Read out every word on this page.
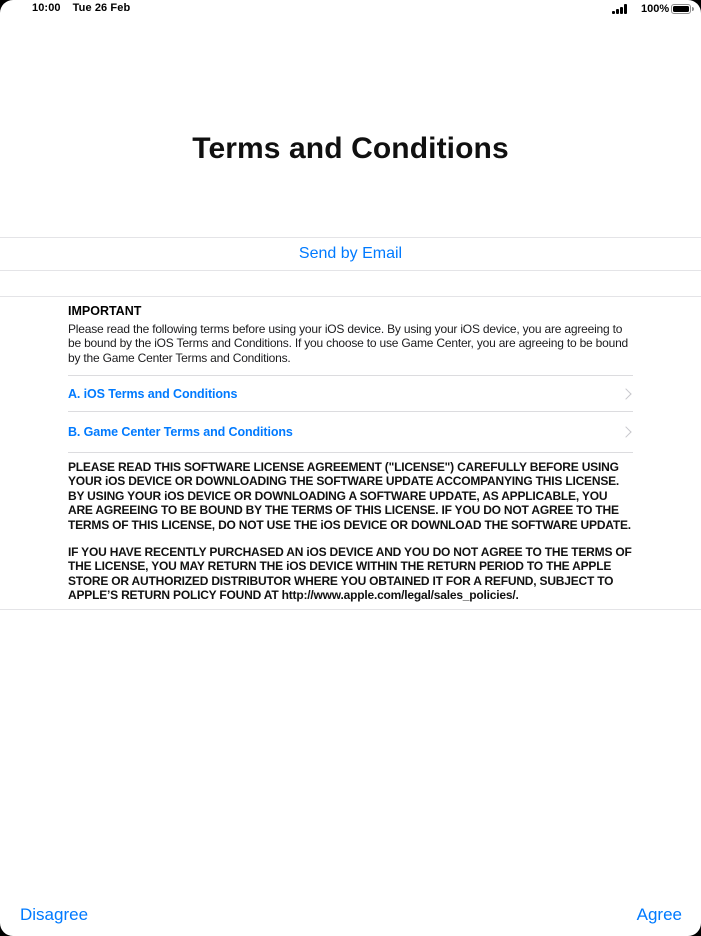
10:00 Tue 26 Feb	100%
Terms and Conditions
Send by Email
IMPORTANT
Please read the following terms before using your iOS device. By using your iOS device, you are agreeing to be bound by the iOS Terms and Conditions. If you choose to use Game Center, you are agreeing to be bound by the Game Center Terms and Conditions.
A. iOS Terms and Conditions
B. Game Center Terms and Conditions
PLEASE READ THIS SOFTWARE LICENSE AGREEMENT ("LICENSE") CAREFULLY BEFORE USING YOUR iOS DEVICE OR DOWNLOADING THE SOFTWARE UPDATE ACCOMPANYING THIS LICENSE. BY USING YOUR iOS DEVICE OR DOWNLOADING A SOFTWARE UPDATE, AS APPLICABLE, YOU ARE AGREEING TO BE BOUND BY THE TERMS OF THIS LICENSE. IF YOU DO NOT AGREE TO THE TERMS OF THIS LICENSE, DO NOT USE THE iOS DEVICE OR DOWNLOAD THE SOFTWARE UPDATE.
IF YOU HAVE RECENTLY PURCHASED AN iOS DEVICE AND YOU DO NOT AGREE TO THE TERMS OF THE LICENSE, YOU MAY RETURN THE iOS DEVICE WITHIN THE RETURN PERIOD TO THE APPLE STORE OR AUTHORIZED DISTRIBUTOR WHERE YOU OBTAINED IT FOR A REFUND, SUBJECT TO APPLE’S RETURN POLICY FOUND AT http://www.apple.com/legal/sales_policies/.
Disagree	Agree
